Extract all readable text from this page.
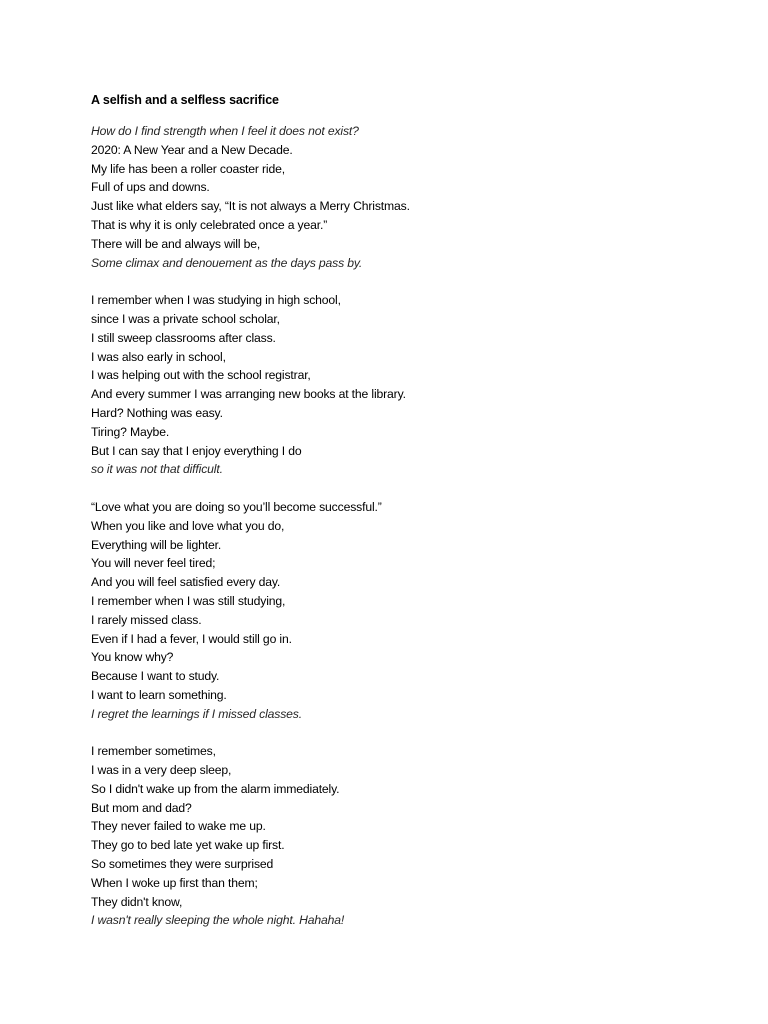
A selfish and a selfless sacrifice
How do I find strength when I feel it does not exist?
2020: A New Year and a New Decade.
My life has been a roller coaster ride,
Full of ups and downs.
Just like what elders say, “It is not always a Merry Christmas.
That is why it is only celebrated once a year.”
There will be and always will be,
Some climax and denouement as the days pass by.
I remember when I was studying in high school,
since I was a private school scholar,
I still sweep classrooms after class.
I was also early in school,
I was helping out with the school registrar,
And every summer I was arranging new books at the library.
Hard? Nothing was easy.
Tiring? Maybe.
But I can say that I enjoy everything I do
so it was not that difficult.
“Love what you are doing so you’ll become successful.”
When you like and love what you do,
Everything will be lighter.
You will never feel tired;
And you will feel satisfied every day.
I remember when I was still studying,
I rarely missed class.
Even if I had a fever, I would still go in.
You know why?
Because I want to study.
I want to learn something.
I regret the learnings if I missed classes.
I remember sometimes,
I was in a very deep sleep,
So I didn't wake up from the alarm immediately.
But mom and dad?
They never failed to wake me up.
They go to bed late yet wake up first.
So sometimes they were surprised
When I woke up first than them;
They didn't know,
I wasn't really sleeping the whole night. Hahaha!
